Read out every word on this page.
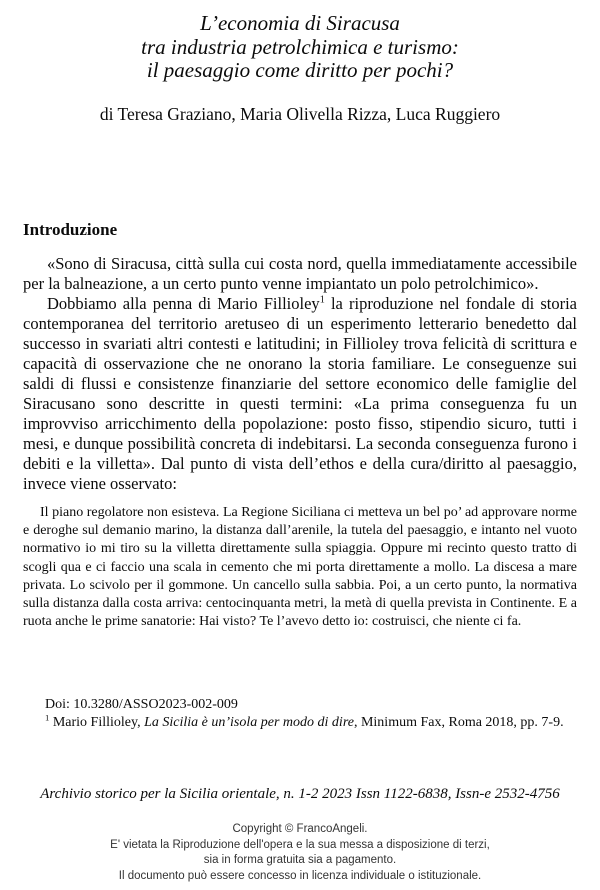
L’economia di Siracusa
tra industria petrolchimica e turismo:
il paesaggio come diritto per pochi?
di Teresa Graziano, Maria Olivella Rizza, Luca Ruggiero
Introduzione

«Sono di Siracusa, città sulla cui costa nord, quella immediatamente accessibile per la balneazione, a un certo punto venne impiantato un polo petrolchimico».

Dobbiamo alla penna di Mario Fillioley$^1$ la riproduzione nel fondale di storia contemporanea del territorio aretuseo di un esperimento letterario benedetto dal successo in svariati altri contesti e latitudini; in Fillioley trova felicità di scrittura e capacità di osservazione che ne onorano la storia familiare. Le conseguenze sui saldi di flussi e consistenze finanziarie del settore economico delle famiglie del Siracusano sono descritte in questi termini: «La prima conseguenza fu un improvviso arricchimento della popolazione: posto fisso, stipendio sicuro, tutti i mesi, e dunque possibilità concreta di indebitarsi. La seconda conseguenza furono i debiti e la villetta». Dal punto di vista dell’ethos e della cura/diritto al paesaggio, invece viene osservato:

Il piano regolatore non esisteva. La Regione Siciliana ci metteva un bel po’ ad approvare norme e deroghe sul demanio marino, la distanza dall’arenile, la tutela del paesaggio, e intanto nel vuoto normativo io mi tiro su la villetta direttamente sulla spiaggia. Oppure mi recinto questo tratto di scogli qua e ci faccio una scala in cemento che mi porta direttamente a mollo. La discesa a mare privata. Lo scivolo per il gommone. Un cancello sulla sabbia. Poi, a un certo punto, la normativa sulla distanza dalla costa arriva: centocinquanta metri, la metà di quella prevista in Continente. E a ruota anche le prime sanatorie: Hai visto? Te l’avevo detto io: costruisci, che niente ci fa.

Doi: 10.3280/ASSO2023-002-009

$^1$ Mario Fillioley, La Sicilia è un’isola per modo di dire, Minimum Fax, Roma 2018, pp. 7-9.

Archivio storico per la Sicilia orientale, n. 1-2 2023 Issn 1122-6838, Issn-e 2532-4756
Copyright © FrancoAngeli.
E' vietata la Riproduzione dell'opera e la sua messa a disposizione di terzi,
sia in forma gratuita sia a pagamento.
Il documento può essere concesso in licenza individuale o istituzionale.
